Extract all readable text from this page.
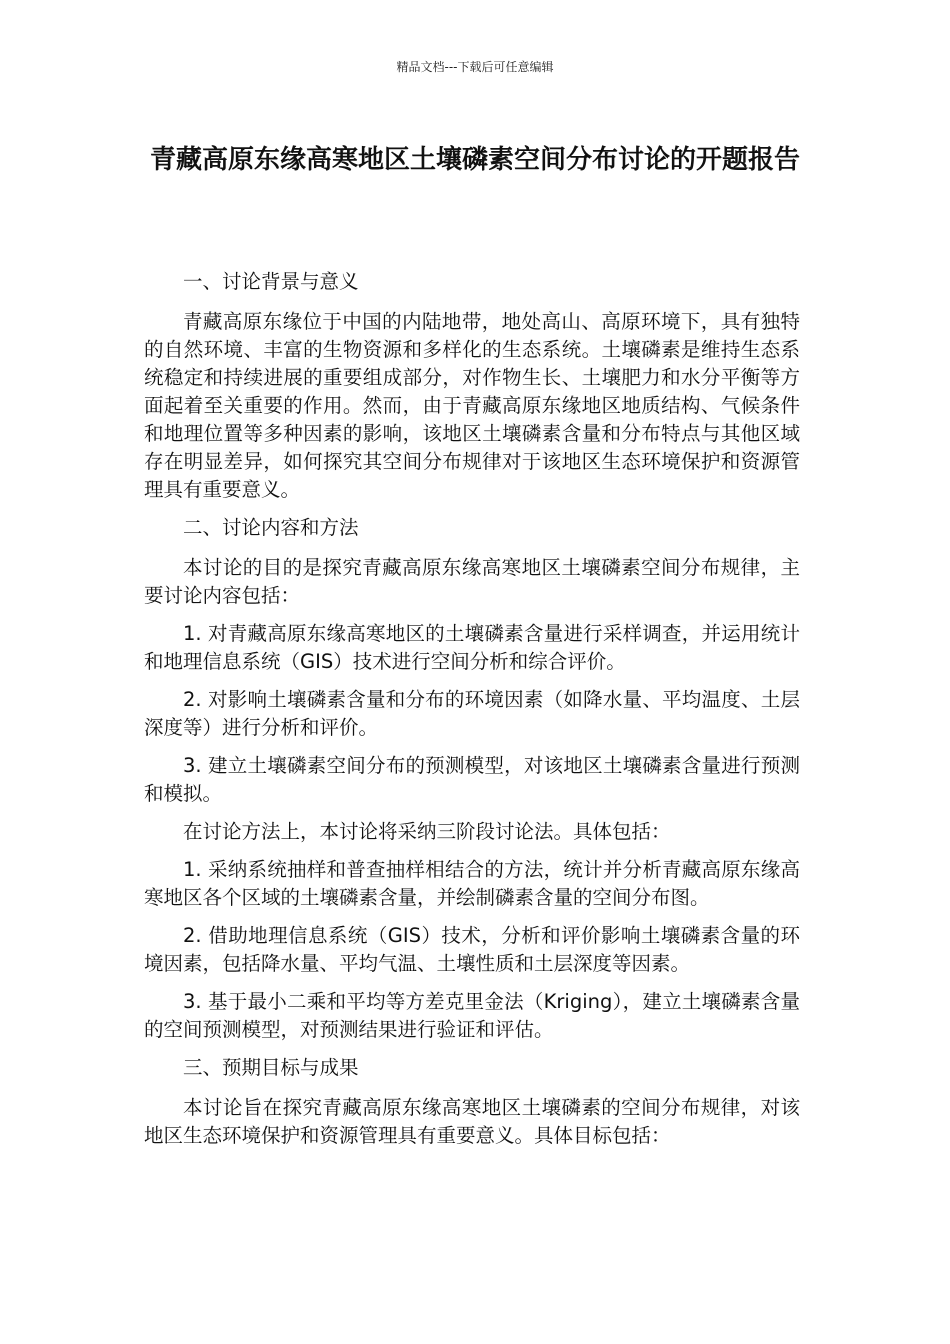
精品文档---下载后可任意编辑
青藏高原东缘高寒地区土壤磷素空间分布讨论的开题报告

一、讨论背景与意义

青藏高原东缘位于中国的内陆地带，地处高山、高原环境下，具有独特的自然环境、丰富的生物资源和多样化的生态系统。土壤磷素是维持生态系统稳定和持续进展的重要组成部分，对作物生长、土壤肥力和水分平衡等方面起着至关重要的作用。然而，由于青藏高原东缘地区地质结构、气候条件和地理位置等多种因素的影响，该地区土壤磷素含量和分布特点与其他区域存在明显差异，如何探究其空间分布规律对于该地区生态环境保护和资源管理具有重要意义。

二、讨论内容和方法

本讨论的目的是探究青藏高原东缘高寒地区土壤磷素空间分布规律，主要讨论内容包括：

1. 对青藏高原东缘高寒地区的土壤磷素含量进行采样调查，并运用统计和地理信息系统（GIS）技术进行空间分析和综合评价。

2. 对影响土壤磷素含量和分布的环境因素（如降水量、平均温度、土层深度等）进行分析和评价。

3. 建立土壤磷素空间分布的预测模型，对该地区土壤磷素含量进行预测和模拟。

在讨论方法上，本讨论将采纳三阶段讨论法。具体包括：

1. 采纳系统抽样和普查抽样相结合的方法，统计并分析青藏高原东缘高寒地区各个区域的土壤磷素含量，并绘制磷素含量的空间分布图。

2. 借助地理信息系统（GIS）技术，分析和评价影响土壤磷素含量的环境因素，包括降水量、平均气温、土壤性质和土层深度等因素。

3. 基于最小二乘和平均等方差克里金法（Kriging），建立土壤磷素含量的空间预测模型，对预测结果进行验证和评估。

三、预期目标与成果

本讨论旨在探究青藏高原东缘高寒地区土壤磷素的空间分布规律，对该地区生态环境保护和资源管理具有重要意义。具体目标包括：
